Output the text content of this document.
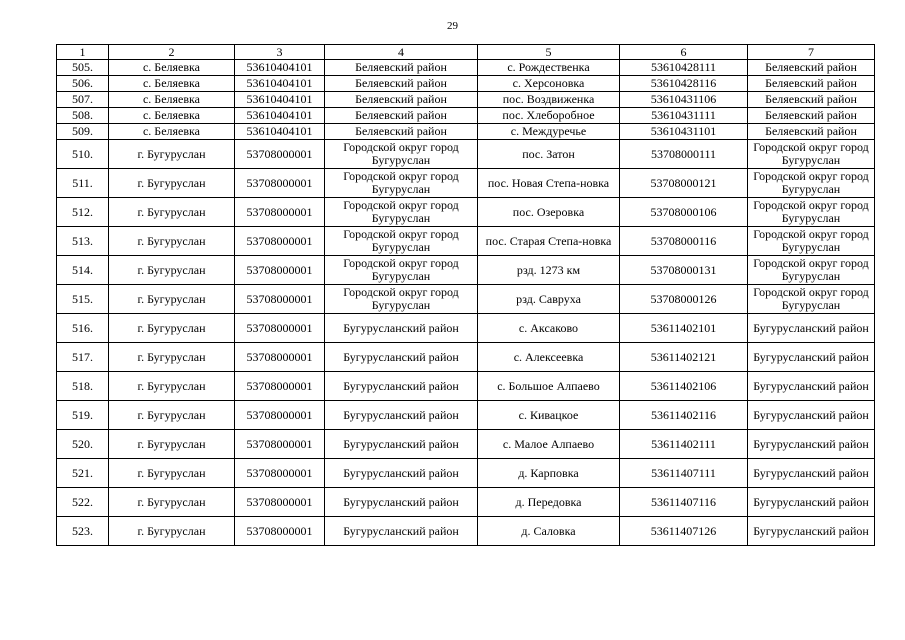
29
1	2	3	4	5	6	7
505.	с. Беляевка	53610404101	Беляевский район	с. Рождественка	53610428111	Беляевский район
506.	с. Беляевка	53610404101	Беляевский район	с. Херсоновка	53610428116	Беляевский район
507.	с. Беляевка	53610404101	Беляевский район	пос. Воздвиженка	53610431106	Беляевский район
508.	с. Беляевка	53610404101	Беляевский район	пос. Хлеборобное	53610431111	Беляевский район
509.	с. Беляевка	53610404101	Беляевский район	с. Междуречье	53610431101	Беляевский район
510.	г. Бугуруслан	53708000001	Городской округ город Бугуруслан	пос. Затон	53708000111	Городской округ город Бугуруслан
511.	г. Бугуруслан	53708000001	Городской округ город Бугуруслан	пос. Новая Степа-новка	53708000121	Городской округ город Бугуруслан
512.	г. Бугуруслан	53708000001	Городской округ город Бугуруслан	пос. Озеровка	53708000106	Городской округ город Бугуруслан
513.	г. Бугуруслан	53708000001	Городской округ город Бугуруслан	пос. Старая Степа-новка	53708000116	Городской округ город Бугуруслан
514.	г. Бугуруслан	53708000001	Городской округ город Бугуруслан	рзд. 1273 км	53708000131	Городской округ город Бугуруслан
515.	г. Бугуруслан	53708000001	Городской округ город Бугуруслан	рзд. Савруха	53708000126	Городской округ город Бугуруслан
516.	г. Бугуруслан	53708000001	Бугурусланский район	с. Аксаково	53611402101	Бугурусланский район
517.	г. Бугуруслан	53708000001	Бугурусланский район	с. Алексеевка	53611402121	Бугурусланский район
518.	г. Бугуруслан	53708000001	Бугурусланский район	с. Большое Алпаево	53611402106	Бугурусланский район
519.	г. Бугуруслан	53708000001	Бугурусланский район	с. Кивацкое	53611402116	Бугурусланский район
520.	г. Бугуруслан	53708000001	Бугурусланский район	с. Малое Алпаево	53611402111	Бугурусланский район
521.	г. Бугуруслан	53708000001	Бугурусланский район	д. Карповка	53611407111	Бугурусланский район
522.	г. Бугуруслан	53708000001	Бугурусланский район	д. Передовка	53611407116	Бугурусланский район
523.	г. Бугуруслан	53708000001	Бугурусланский район	д. Саловка	53611407126	Бугурусланский район
